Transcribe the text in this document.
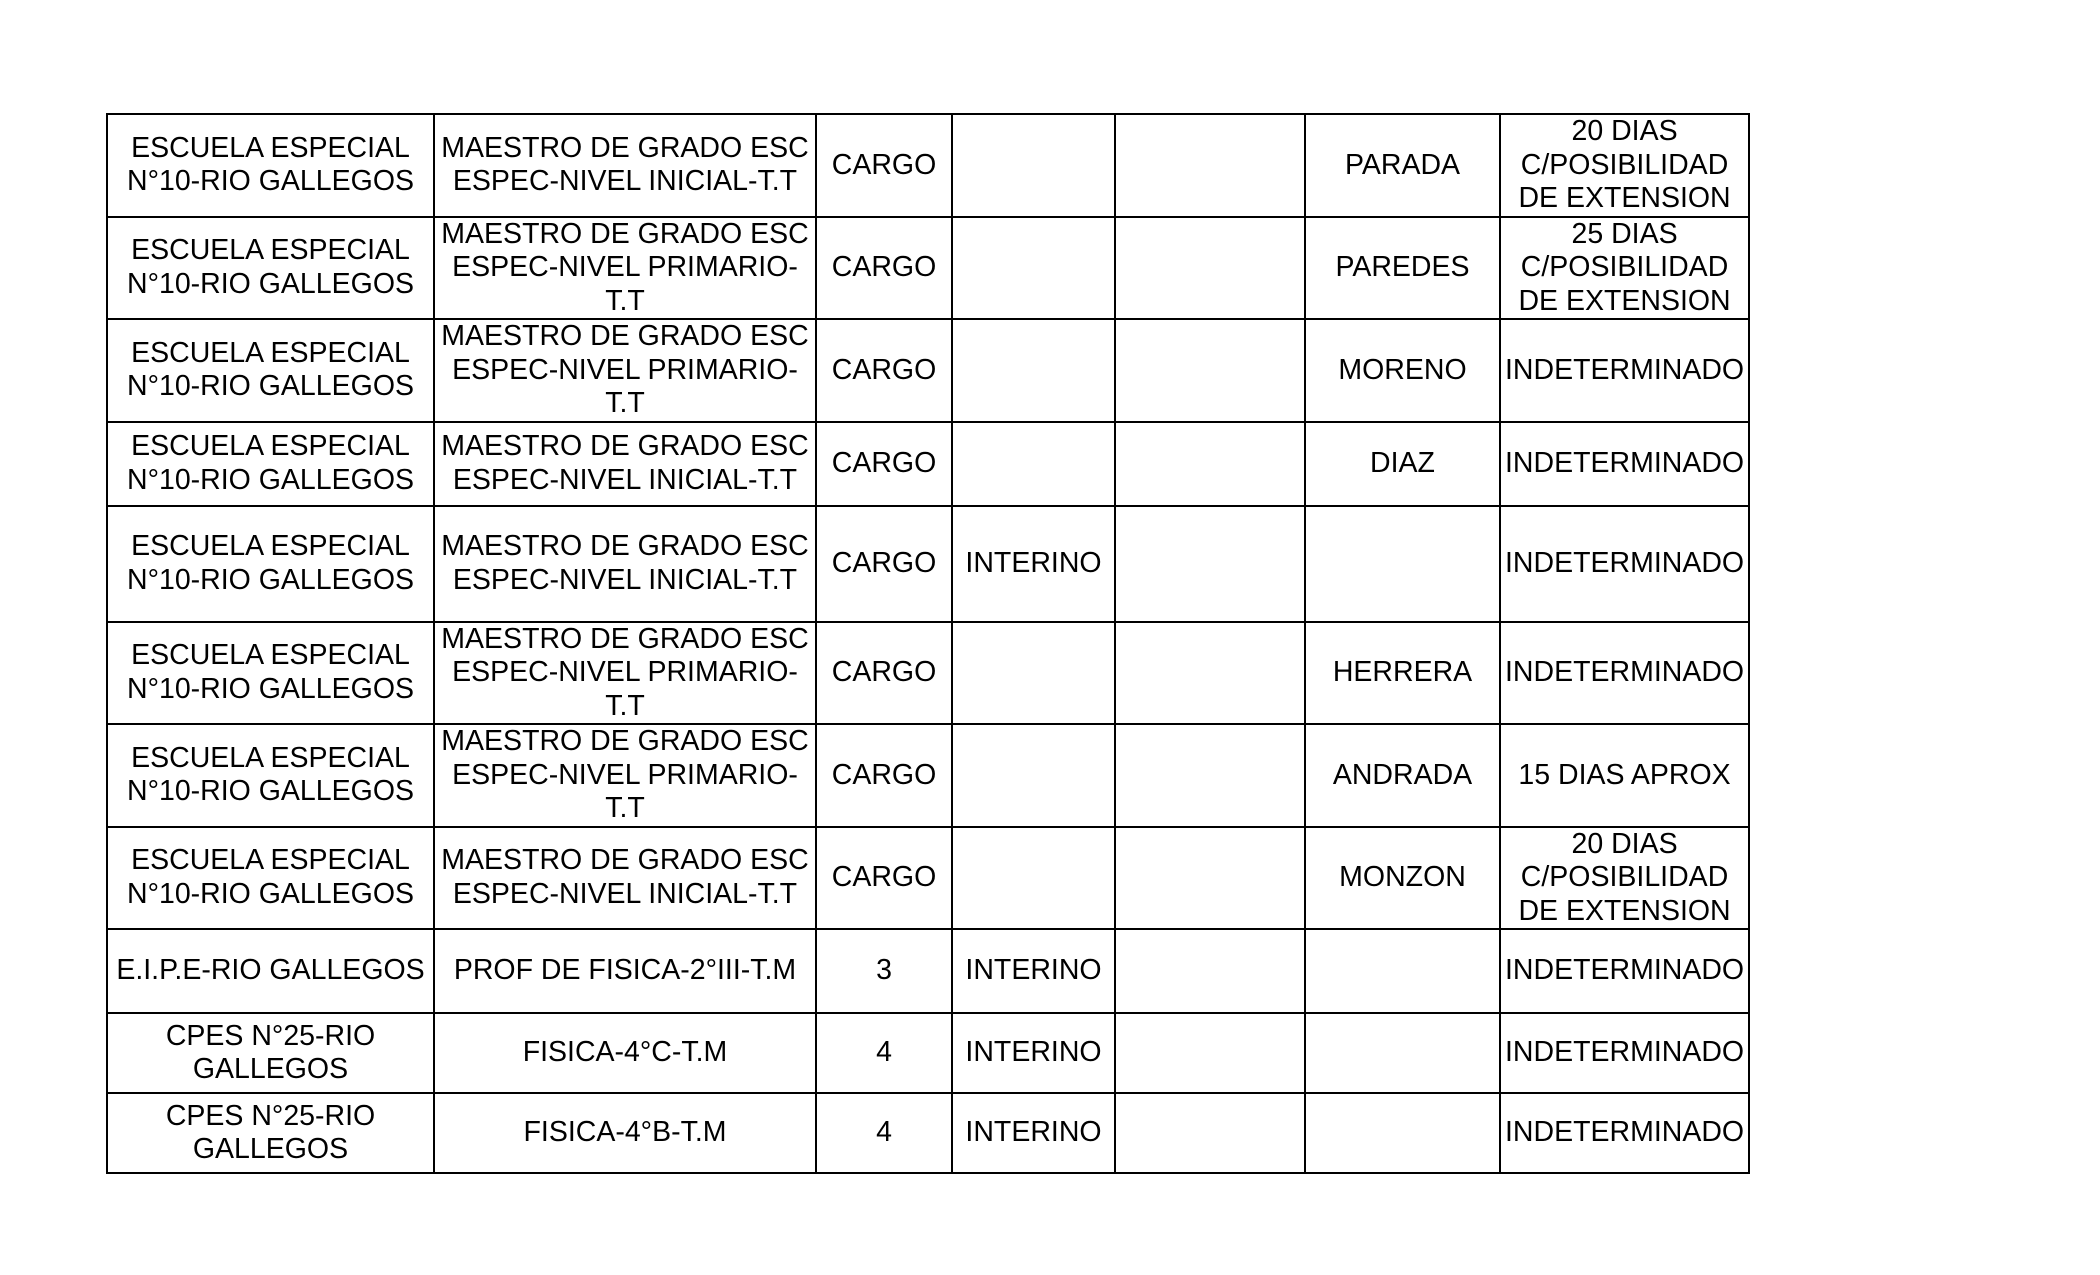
ESCUELA ESPECIAL N°10-RIO GALLEGOS	MAESTRO DE GRADO ESC ESPEC-NIVEL INICIAL-T.T	CARGO			PARADA	20 DIAS C/POSIBILIDAD DE EXTENSION

ESCUELA ESPECIAL N°10-RIO GALLEGOS	MAESTRO DE GRADO ESC ESPEC-NIVEL PRIMARIO-T.T	CARGO			PAREDES	25 DIAS C/POSIBILIDAD DE EXTENSION

ESCUELA ESPECIAL N°10-RIO GALLEGOS	MAESTRO DE GRADO ESC ESPEC-NIVEL PRIMARIO-T.T	CARGO			MORENO	INDETERMINADO

ESCUELA ESPECIAL N°10-RIO GALLEGOS	MAESTRO DE GRADO ESC ESPEC-NIVEL INICIAL-T.T	CARGO			DIAZ	INDETERMINADO

ESCUELA ESPECIAL N°10-RIO GALLEGOS	MAESTRO DE GRADO ESC ESPEC-NIVEL INICIAL-T.T	CARGO	INTERINO			INDETERMINADO

ESCUELA ESPECIAL N°10-RIO GALLEGOS	MAESTRO DE GRADO ESC ESPEC-NIVEL PRIMARIO-T.T	CARGO			HERRERA	INDETERMINADO

ESCUELA ESPECIAL N°10-RIO GALLEGOS	MAESTRO DE GRADO ESC ESPEC-NIVEL PRIMARIO-T.T	CARGO			ANDRADA	15 DIAS APROX

ESCUELA ESPECIAL N°10-RIO GALLEGOS	MAESTRO DE GRADO ESC ESPEC-NIVEL INICIAL-T.T	CARGO			MONZON	20 DIAS C/POSIBILIDAD DE EXTENSION

E.I.P.E-RIO GALLEGOS	PROF DE FISICA-2°III-T.M	3	INTERINO			INDETERMINADO

CPES N°25-RIO GALLEGOS	FISICA-4°C-T.M	4	INTERINO			INDETERMINADO

CPES N°25-RIO GALLEGOS	FISICA-4°B-T.M	4	INTERINO			INDETERMINADO
